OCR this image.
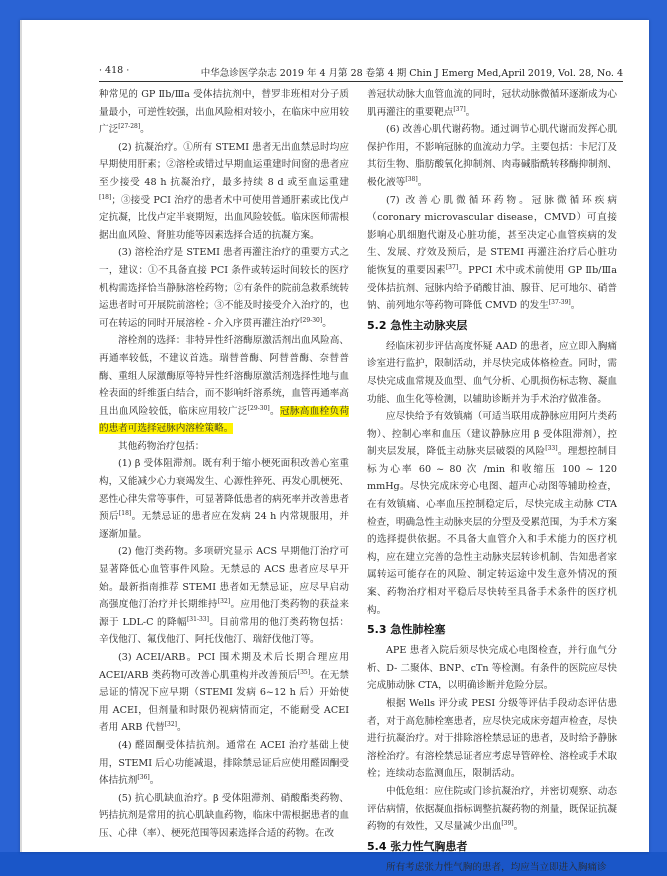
· 418 ·	中华急诊医学杂志 2019 年 4 月第 28 卷第 4 期 Chin J Emerg Med,April 2019, Vol. 28, No. 4

种常见的 GP Ⅱb/Ⅲa 受体拮抗剂中，替罗非班相对分子质量最小，可逆性较强，出血风险相对较小，在临床中应用较广泛[27-28]。

(2) 抗凝治疗。①所有 STEMI 患者无出血禁忌时均应早期使用肝素；②溶栓或错过早期血运重建时间窗的患者应至少接受 48 h 抗凝治疗，最多持续 8 d 或至血运重建[18]；③接受 PCI 治疗的患者术中可使用普通肝素或比伐卢定抗凝，比伐卢定半衰期短，出血风险较低。临床医师需根据出血风险、肾脏功能等因素选择合适的抗凝方案。

(3) 溶栓治疗是 STEMI 患者再灌注治疗的重要方式之一，建议：①不具备直接 PCI 条件或转运时间较长的医疗机构需选择恰当静脉溶栓药物；②有条件的院前急救系统转运患者时可开展院前溶栓；③不能及时接受介入治疗的，也可在转运的同时开展溶栓 - 介入序贯再灌注治疗[29-30]。

溶栓剂的选择：非特异性纤溶酶原激活剂出血风险高、再通率较低，不建议首选。瑞替普酶、阿替普酶、奈替普酶、重组人尿激酶原等特异性纤溶酶原激活剂选择性地与血栓表面的纤维蛋白结合，而不影响纤溶系统，血管再通率高且出血风险较低，临床应用较广泛[29-30]。冠脉高血栓负荷的患者可选择冠脉内溶栓策略。

其他药物治疗包括：

(1) β 受体阻滞剂。既有利于缩小梗死面积改善心室重构，又能减少心力衰竭发生、心源性猝死、再发心肌梗死、恶性心律失常等事件，可显著降低患者的病死率并改善患者预后[18]。无禁忌证的患者应在发病 24 h 内常规服用，并逐渐加量。

(2) 他汀类药物。多项研究显示 ACS 早期他汀治疗可显著降低心血管事件风险。无禁忌的 ACS 患者应尽早开始。最新指南推荐 STEMI 患者如无禁忌证，应尽早启动高强度他汀治疗并长期维持[32]。应用他汀类药物的获益来源于 LDL-C 的降幅[31-33]。目前常用的他汀类药物包括：辛伐他汀、氟伐他汀、阿托伐他汀、瑞舒伐他汀等。

(3) ACEI/ARB。PCI 围术期及术后长期合理应用 ACEI/ARB 类药物可改善心肌重构并改善预后[35]。在无禁忌证的情况下应早期（STEMI 发病 6~12 h 后）开始使用 ACEI，但剂量和时限仍视病情而定，不能耐受 ACEI 者用 ARB 代替[32]。

(4) 醛固酮受体拮抗剂。通常在 ACEI 治疗基础上使用，STEMI 后心功能减退，排除禁忌证后应使用醛固酮受体拮抗剂[36]。

(5) 抗心肌缺血治疗。β 受体阻滞剂、硝酸酯类药物、钙拮抗剂是常用的抗心肌缺血药物，临床中需根据患者的血压、心律（率）、梗死范围等因素选择合适的药物。在改

善冠状动脉大血管血流的同时，冠状动脉微循环逐渐成为心肌再灌注的重要靶点[37]。

(6) 改善心肌代谢药物。通过调节心肌代谢而发挥心肌保护作用，不影响冠脉的血流动力学。主要包括：卡尼汀及其衍生物、脂肪酸氧化抑制剂、肉毒碱脂酰转移酶抑制剂、极化液等[38]。

(7) 改善心肌微循环药物。冠脉微循环疾病（coronary microvascular disease，CMVD）可直接影响心肌细胞代谢及心脏功能，甚至决定心血管疾病的发生、发展、疗效及预后，是 STEMI 再灌注治疗后心脏功能恢复的重要因素[37]。PPCI 术中或术前使用 GP Ⅱb/Ⅲa 受体拮抗剂、冠脉内给予硝酸甘油、腺苷、尼可地尔、硝普钠、前列地尔等药物可降低 CMVD 的发生[37-39]。

5.2 急性主动脉夹层

经临床初步评估高度怀疑 AAD 的患者，应立即入胸痛诊室进行监护，限制活动，并尽快完成体格检查。同时，需尽快完成血常规及血型、血气分析、心肌损伤标志物、凝血功能、血生化等检测，以辅助诊断并为手术治疗做准备。

应尽快给予有效镇痛（可适当联用成静脉应用阿片类药物）、控制心率和血压（建议静脉应用 β 受体阻滞剂），控制夹层发展，降低主动脉夹层破裂的风险[33]。理想控制目标为心率 60 ~ 80 次 /min 和收缩压 100 ~ 120 mmHg。尽快完成床旁心电图、超声心动图等辅助检查，在有效镇痛、心率血压控制稳定后，尽快完成主动脉 CTA 检查，明确急性主动脉夹层的分型及受累范围，为手术方案的选择提供依据。不具备大血管介入和手术能力的医疗机构，应在建立完善的急性主动脉夹层转诊机制、告知患者家属转运可能存在的风险、制定转运途中发生意外情况的预案、药物治疗相对平稳后尽快转至具备手术条件的医疗机构。

5.3 急性肺栓塞

APE 患者入院后须尽快完成心电图检查，并行血气分析、D- 二聚体、BNP、cTn 等检测。有条件的医院应尽快完成肺动脉 CTA，以明确诊断并危险分层。

根据 Wells 评分或 PESI 分级等评估手段动态评估患者，对于高危肺栓塞患者，应尽快完成床旁超声检查，尽快进行抗凝治疗。对于排除溶栓禁忌证的患者，及时给予静脉溶栓治疗。有溶栓禁忌证者应考虑导管碎栓、溶栓或手术取栓；连续动态监测血压，限制活动。

中低危组：应住院或门诊抗凝治疗，并密切观察、动态评估病情，依据凝血指标调整抗凝药物的剂量，既保证抗凝药物的有效性，又尽量减少出血[39]。

5.4 张力性气胸患者

所有考虑张力性气胸的患者，均应当立即进入胸痛诊
